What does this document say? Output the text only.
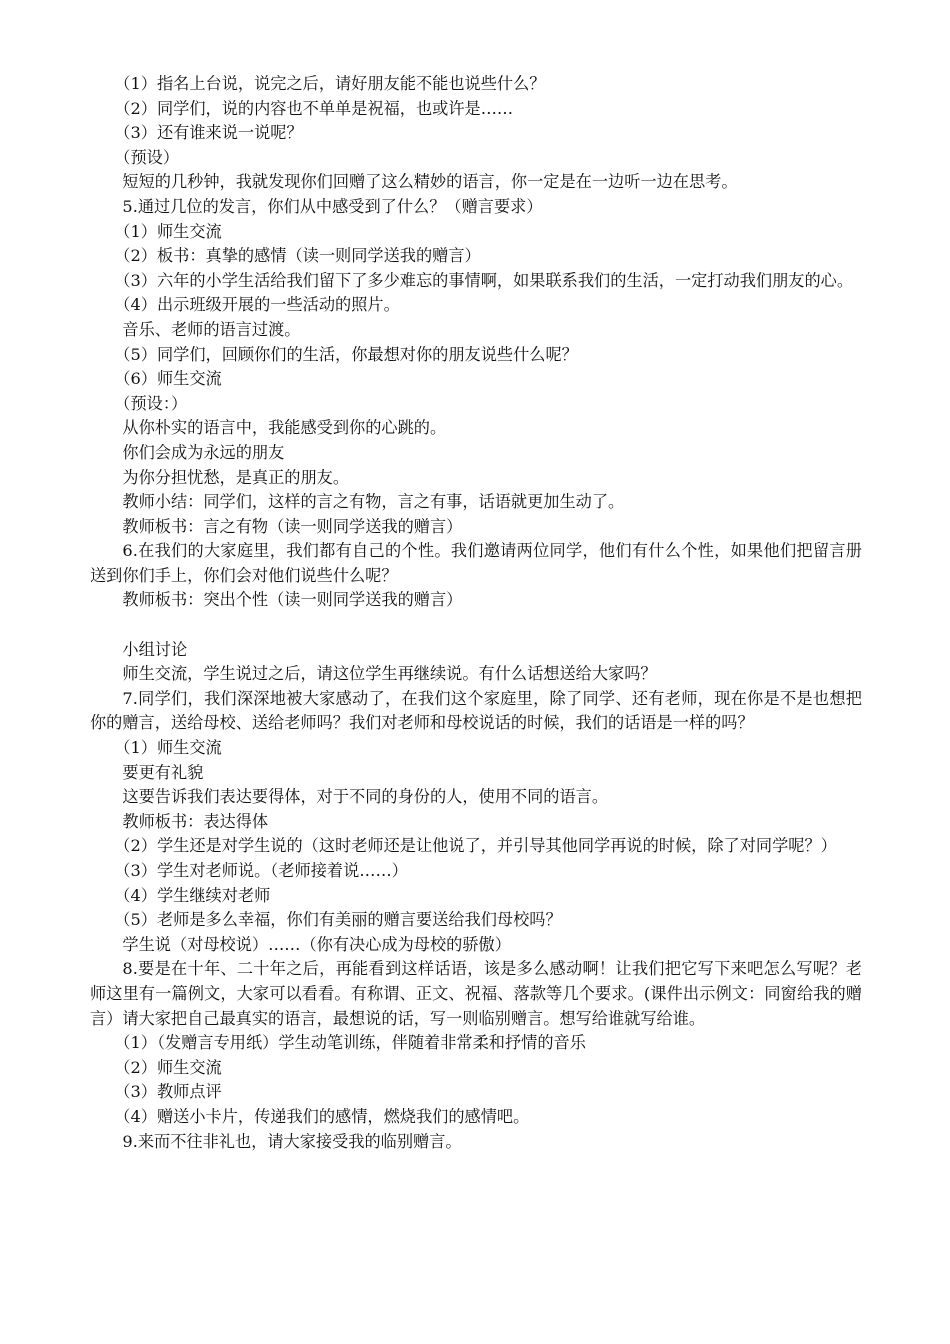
（1）指名上台说，说完之后，请好朋友能不能也说些什么？

（2）同学们，说的内容也不单单是祝福，也或许是……

（3）还有谁来说一说呢？

（预设）

短短的几秒钟，我就发现你们回赠了这么精妙的语言，你一定是在一边听一边在思考。

5.通过几位的发言，你们从中感受到了什么？（赠言要求）

（1）师生交流

（2）板书：真挚的感情（读一则同学送我的赠言）

（3）六年的小学生活给我们留下了多少难忘的事情啊，如果联系我们的生活，一定打动我们朋友的心。

（4）出示班级开展的一些活动的照片。

音乐、老师的语言过渡。

（5）同学们，回顾你们的生活，你最想对你的朋友说些什么呢？

（6）师生交流

（预设：）

从你朴实的语言中，我能感受到你的心跳的。

你们会成为永远的朋友

为你分担忧愁，是真正的朋友。

教师小结：同学们，这样的言之有物，言之有事，话语就更加生动了。

教师板书：言之有物（读一则同学送我的赠言）

6.在我们的大家庭里，我们都有自己的个性。我们邀请两位同学，他们有什么个性，如果他们把留言册送到你们手上，你们会对他们说些什么呢？

教师板书：突出个性（读一则同学送我的赠言）

小组讨论

师生交流，学生说过之后，请这位学生再继续说。有什么话想送给大家吗？

7.同学们，我们深深地被大家感动了，在我们这个家庭里，除了同学、还有老师，现在你是不是也想把你的赠言，送给母校、送给老师吗？我们对老师和母校说话的时候，我们的话语是一样的吗？

（1）师生交流

要更有礼貌

这要告诉我们表达要得体，对于不同的身份的人，使用不同的语言。

教师板书：表达得体

（2）学生还是对学生说的（这时老师还是让他说了，并引导其他同学再说的时候，除了对同学呢？）

（3）学生对老师说。（老师接着说……）

（4）学生继续对老师

（5）老师是多么幸福，你们有美丽的赠言要送给我们母校吗？

学生说（对母校说）……（你有决心成为母校的骄傲）

8.要是在十年、二十年之后，再能看到这样话语，该是多么感动啊！让我们把它写下来吧怎么写呢？老师这里有一篇例文，大家可以看看。有称谓、正文、祝福、落款等几个要求。(课件出示例文：同窗给我的赠言）请大家把自己最真实的语言，最想说的话，写一则临别赠言。想写给谁就写给谁。

（1）（发赠言专用纸）学生动笔训练，伴随着非常柔和抒情的音乐

（2）师生交流

（3）教师点评

（4）赠送小卡片，传递我们的感情，燃烧我们的感情吧。

9.来而不往非礼也，请大家接受我的临别赠言。
